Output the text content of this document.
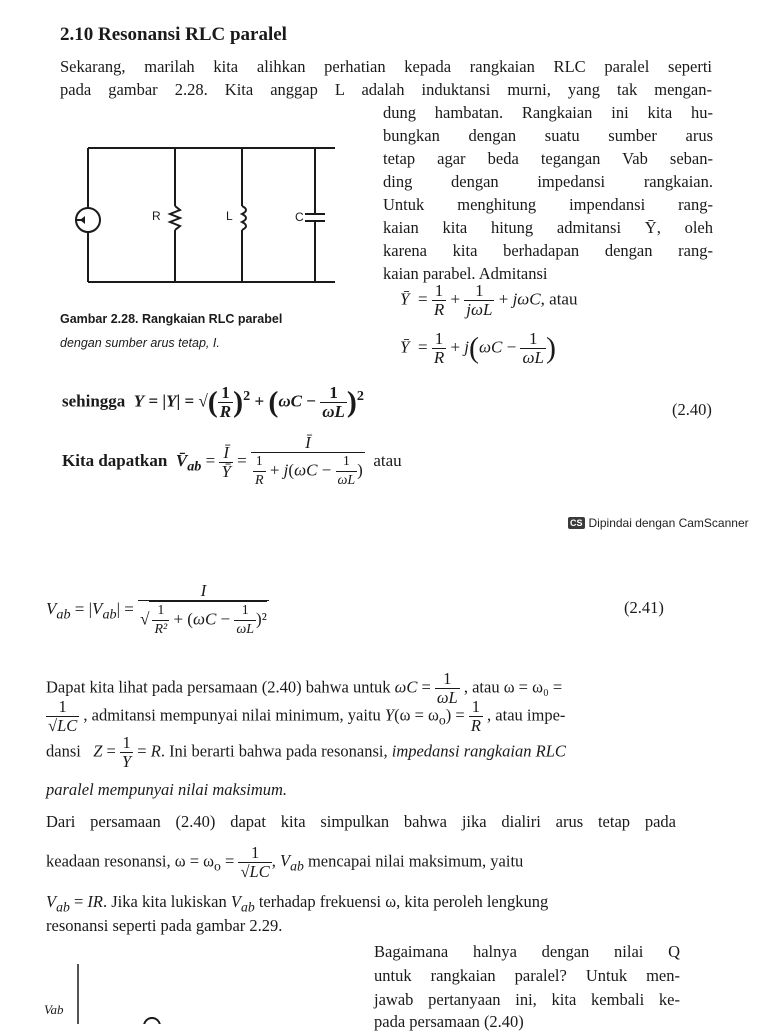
2.10 Resonansi RLC paralel
Sekarang, marilah kita alihkan perhatian kepada rangkaian RLC paralel seperti
pada gambar 2.28. Kita anggap L adalah induktansi murni, yang tak mengan-
dung hambatan. Rangkaian ini kita hu-
bungkan dengan suatu sumber arus
tetap agar beda tegangan Vab seban-
ding dengan impedansi rangkaian.
Untuk menghitung impendansi rang-
kaian kita hitung admitansi Ȳ, oleh
karena kita berhadapan dengan rang-
kaian parabel. Admitansi
R	L	C
Gambar 2.28. Rangkaian RLC parabel
dengan sumber arus tetap, I.
Ȳ  = $\frac{1}{R} + \frac{1}{\text{jωL}} + j\omega C$, atau
Ȳ  = $\frac{1}{R} + j(\omega C - \frac{1}{\omega L}$ )
sehingga Y = |Y| = √( $\frac{1}{R} )^2 + (\omega C - \frac{1}{\omega L} )^2$
(2.40)
Kita dapatkan $V̄_{ab} = \frac{Ī}{Ȳ} = \frac{Ī}{\frac{1}{R} + j(\omega C - \frac{1}{\omega L} )}$ atau
CS Dipindai dengan CamScanner
$V_{ab} = |V_{ab}| = \frac{I}{√ \frac{1}{\text{R²}} + (\omega C - \frac{1}{\omega L} )^2}$	(2.41)
Dapat kita lihat pada persamaan (2.40) bahwa untuk $\omega C = \frac{1}{\omega L}$ , atau ω = ω₀ =
$\frac{1}{√LC}$ , admitansi mempunyai nilai minimum, yaitu $Y(\omega = \omega_o) = \frac{1}{R}$ , atau impe-
dansi $Z = \frac{1}{Y} = R$. Ini berarti bahwa pada resonansi, impedansi rangkaian RLC
paralel mempunyai nilai maksimum.
Dari persamaan (2.40) dapat kita simpulkan bahwa jika dialiri arus tetap pada
keadaan resonansi, $\omega = \omega_o = \frac{1}{√LC}$ , $V_{ab}$ mencapai nilai maksimum, yaitu
$V_{ab}$ = IR. Jika kita lukiskan $V_{ab}$ terhadap frekuensi ω, kita peroleh lengkung
resonansi seperti pada gambar 2.29.
Bagaimana halnya dengan nilai Q
untuk rangkaian paralel? Untuk men-
jawab pertanyaan ini, kita kembali ke-
pada persamaan (2.40)
Vab
